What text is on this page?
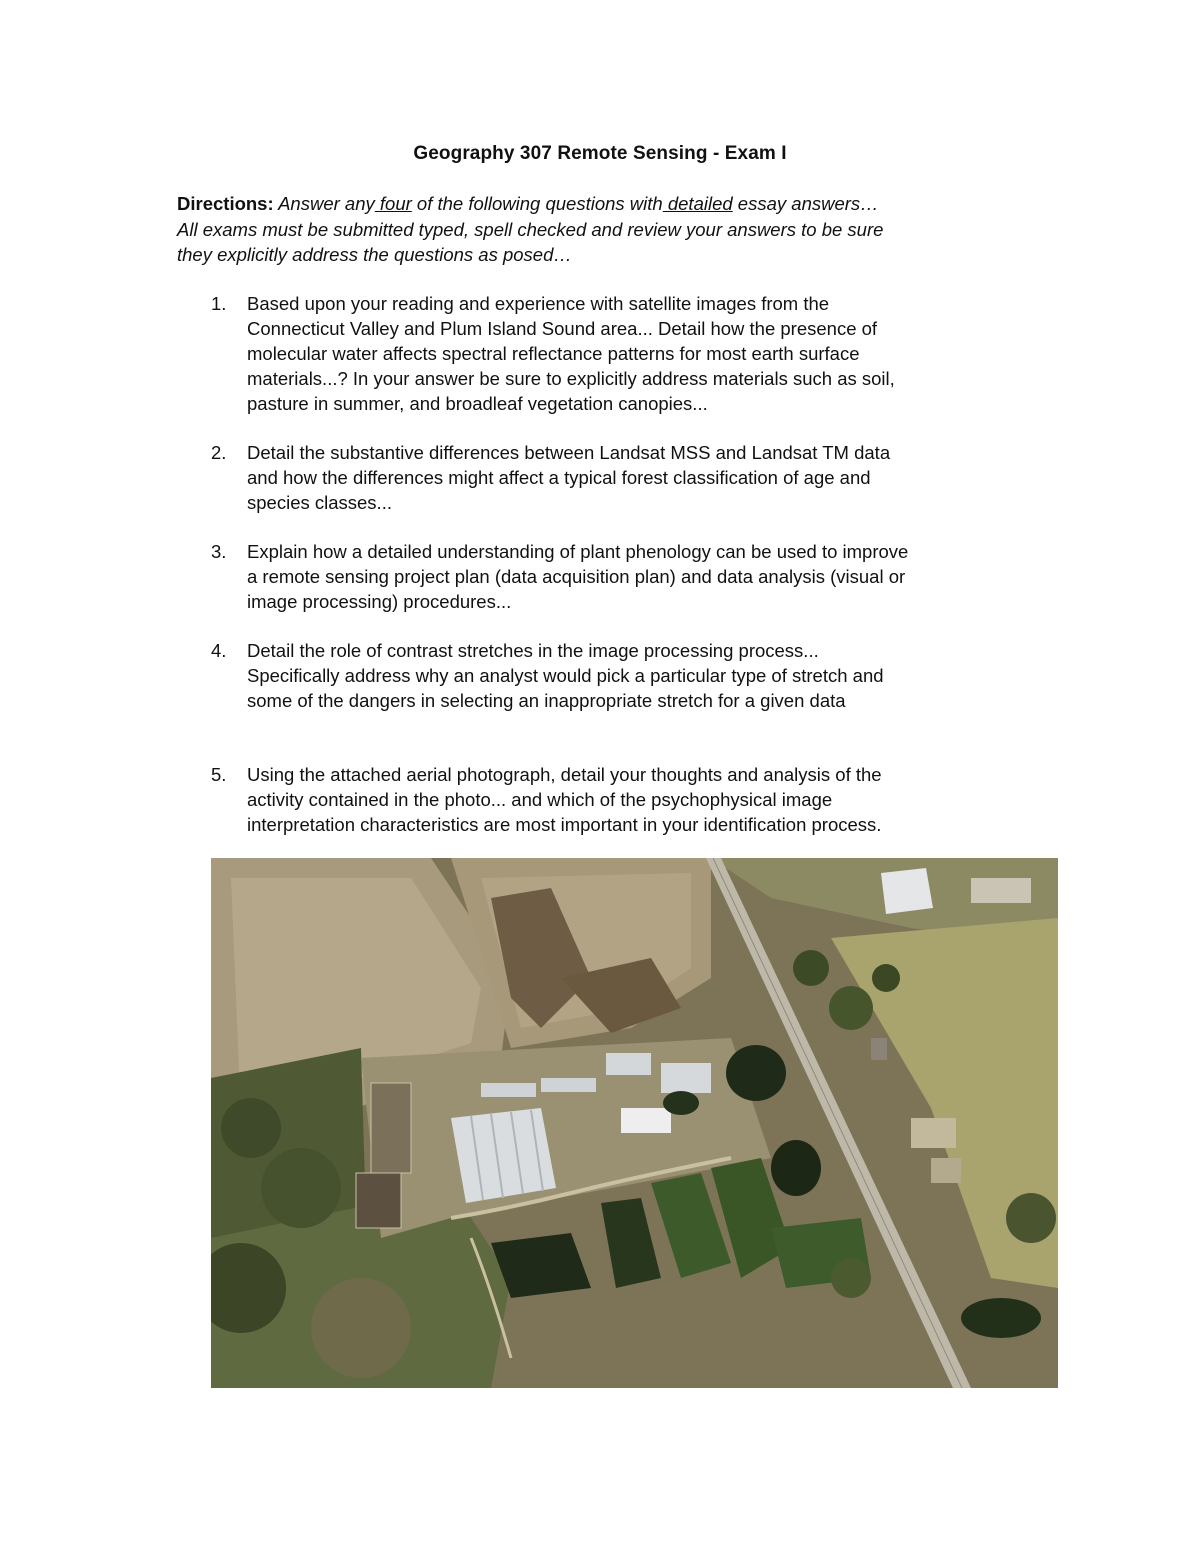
Geography 307 Remote Sensing - Exam I
Directions: Answer any four of the following questions with detailed essay answers…
All exams must be submitted typed, spell checked and review your answers to be sure
they explicitly address the questions as posed…
1. Based upon your reading and experience with satellite images from the
Connecticut Valley and Plum Island Sound area... Detail how the presence of
molecular water affects spectral reflectance patterns for most earth surface
materials...? In your answer be sure to explicitly address materials such as soil,
pasture in summer, and broadleaf vegetation canopies...
2. Detail the substantive differences between Landsat MSS and Landsat TM data
and how the differences might affect a typical forest classification of age and
species classes...
3. Explain how a detailed understanding of plant phenology can be used to improve
a remote sensing project plan (data acquisition plan) and data analysis (visual or
image processing) procedures...
4. Detail the role of contrast stretches in the image processing process...
Specifically address why an analyst would pick a particular type of stretch and
some of the dangers in selecting an inappropriate stretch for a given data
5. Using the attached aerial photograph, detail your thoughts and analysis of the
activity contained in the photo... and which of the psychophysical image
interpretation characteristics are most important in your identification process.
